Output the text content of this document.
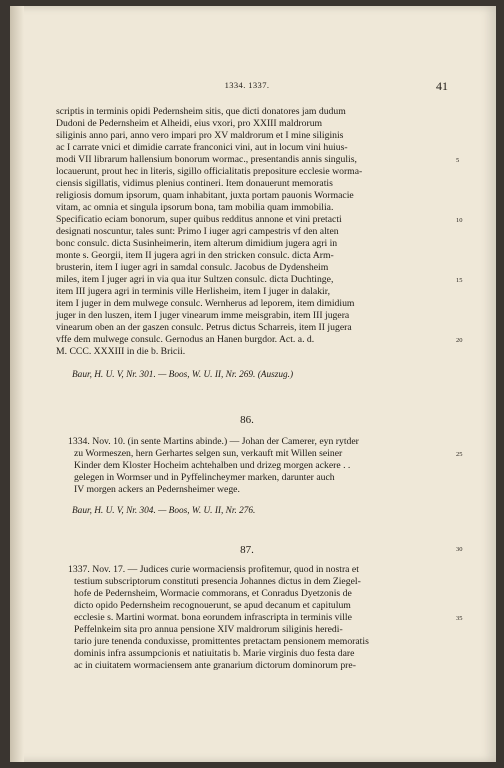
1334. 1337.	41
scriptis in terminis opidi Pedernsheim sitis, que dicti donatores jam dudum
Dudoni de Pedernsheim et Alheidi, eius vxori, pro XXIII maldrorum
siliginis anno pari, anno vero impari pro XV maldrorum et I mine siliginis
ac I carrate vnici et dimidie carrate franconici vini, aut in locum vini huius-
modi VII librarum hallensium bonorum wormac., presentandis annis singulis,
locauerunt, prout hec in literis, sigillo officialitatis prepositure ecclesie worma-
ciensis sigillatis, vidimus plenius contineri. Item donauerunt memoratis
religiosis domum ipsorum, quam inhabitant, juxta portam pauonis Wormacie
vitam, ac omnia et singula ipsorum bona, tam mobilia quam immobilia.
Specificatio eciam bonorum, super quibus redditus annone et vini pretacti
designati noscuntur, tales sunt: Primo I iuger agri campestris vf den alten
bonc consulc. dicta Susinheimerin, item alterum dimidium jugera agri in
monte s. Georgii, item II jugera agri in den stricken consulc. dicta Arm-
brusterin, item I iuger agri in samdal consulc. Jacobus de Dydensheim
miles, item I juger agri in via qua itur Sultzen consulc. dicta Duchtinge,
item III jugera agri in terminis ville Herlisheim, item I juger in dalakir,
item I juger in dem mulwege consulc. Wernherus ad leporem, item dimidium
juger in den luszen, item I juger vinearum imme meisgrabin, item III jugera
vinearum oben an der gaszen consulc. Petrus dictus Scharreis, item II jugera
vffe dem mulwege consulc. Gernodus an Hanen burgdor. Act. a. d.
M. CCC. XXXIII in die b. Bricii.
Baur, H. U. V, Nr. 301. — Boos, W. U. II, Nr. 269. (Auszug.)
86.
1334. Nov. 10. (in sente Martins abinde.) — Johan der Camerer, eyn rytder
zu Wormeszen, hern Gerhartes selgen sun, verkauft mit Willen seiner
Kinder dem Kloster Hocheim achtehalben und drizeg morgen ackere . .
gelegen in Wormser und in Pyffelincheymer marken, darunter auch
IV morgen ackers an Pedernsheimer wege.
Baur, H. U. V, Nr. 304. — Boos, W. U. II, Nr. 276.
87.
1337. Nov. 17. — Judices curie wormaciensis profitemur, quod in nostra et
testium subscriptorum constituti presencia Johannes dictus in dem Ziegel-
hofe de Pedernsheim, Wormacie commorans, et Conradus Dyetzonis de
dicto opido Pedernsheim recognouerunt, se apud decanum et capitulum
ecclesie s. Martini wormat. bona eorundem infrascripta in terminis ville
Peffelnkeim sita pro annua pensione XIV maldrorum siliginis heredi-
tario jure tenenda conduxisse, promittentes pretactam pensionem memoratis
dominis infra assumpcionis et natiuitatis b. Marie virginis duo festa dare
ac in ciuitatem wormaciensem ante granarium dictorum dominorum pre-
5
10
15
20
25
30
35
